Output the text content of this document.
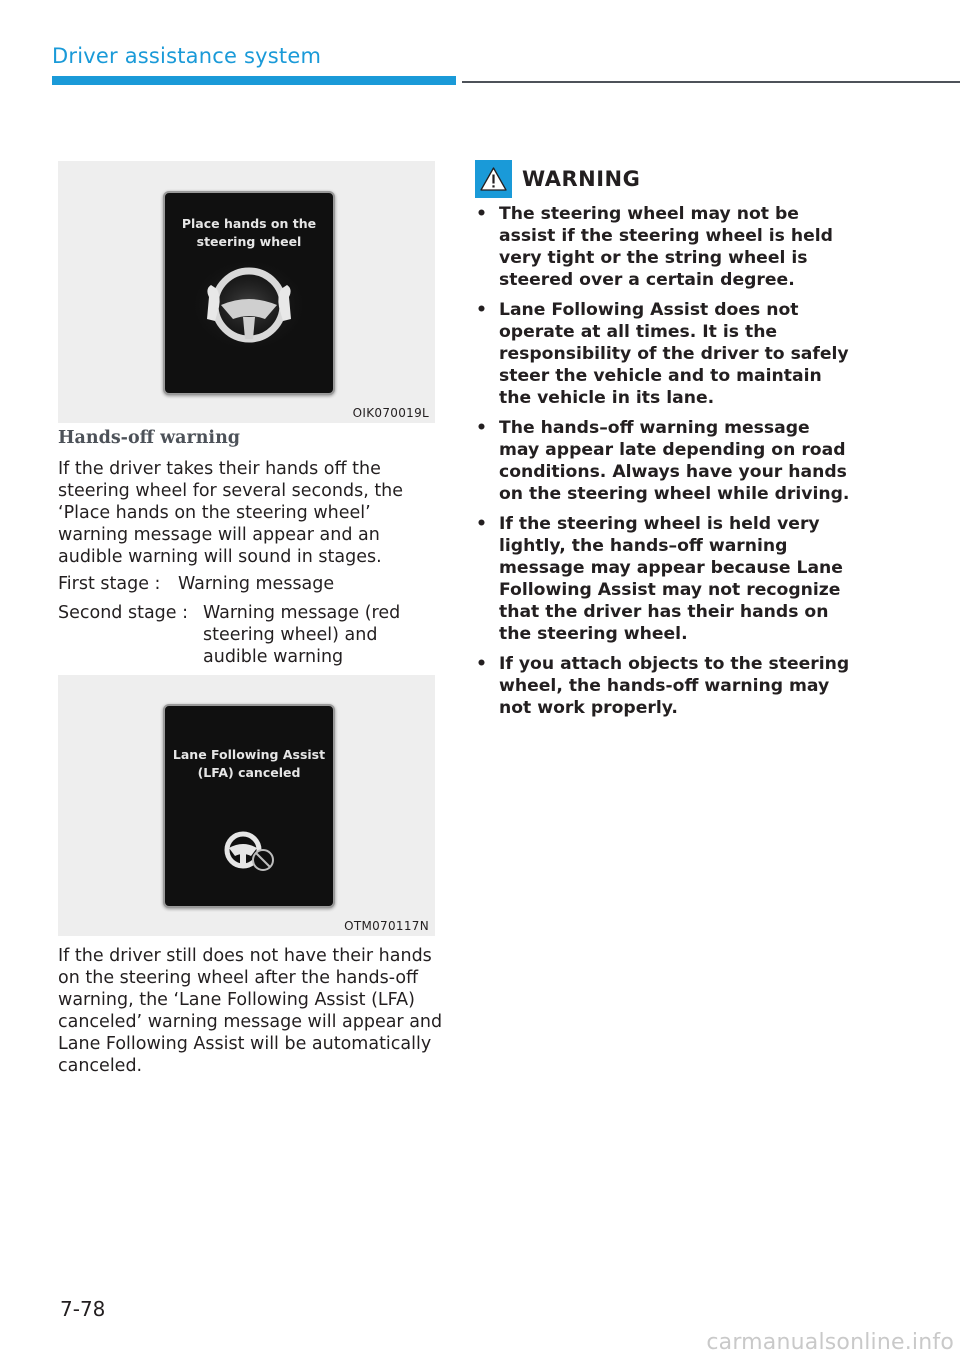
Driver assistance system
Place hands on the
steering wheel
OIK070019L
Hands-off warning
If the driver takes their hands off the steering wheel for several seconds, the ‘Place hands on the steering wheel’ warning message will appear and an audible warning will sound in stages.
First stage : Warning message
Second stage : Warning message (red steering wheel) and audible warning
Lane Following Assist
(LFA) canceled
OTM070117N
If the driver still does not have their hands on the steering wheel after the hands-off warning, the ‘Lane Following Assist (LFA) canceled’ warning message will appear and Lane Following Assist will be automatically canceled.
WARNING
• The steering wheel may not be assist if the steering wheel is held very tight or the string wheel is steered over a certain degree.
• Lane Following Assist does not operate at all times. It is the responsibility of the driver to safely steer the vehicle and to maintain the vehicle in its lane.
• The hands–off warning message may appear late depending on road conditions. Always have your hands on the steering wheel while driving.
• If the steering wheel is held very lightly, the hands–off warning message may appear because Lane Following Assist may not recognize that the driver has their hands on the steering wheel.
• If you attach objects to the steering wheel, the hands-off warning may not work properly.
7-78
carmanualsonline.info
